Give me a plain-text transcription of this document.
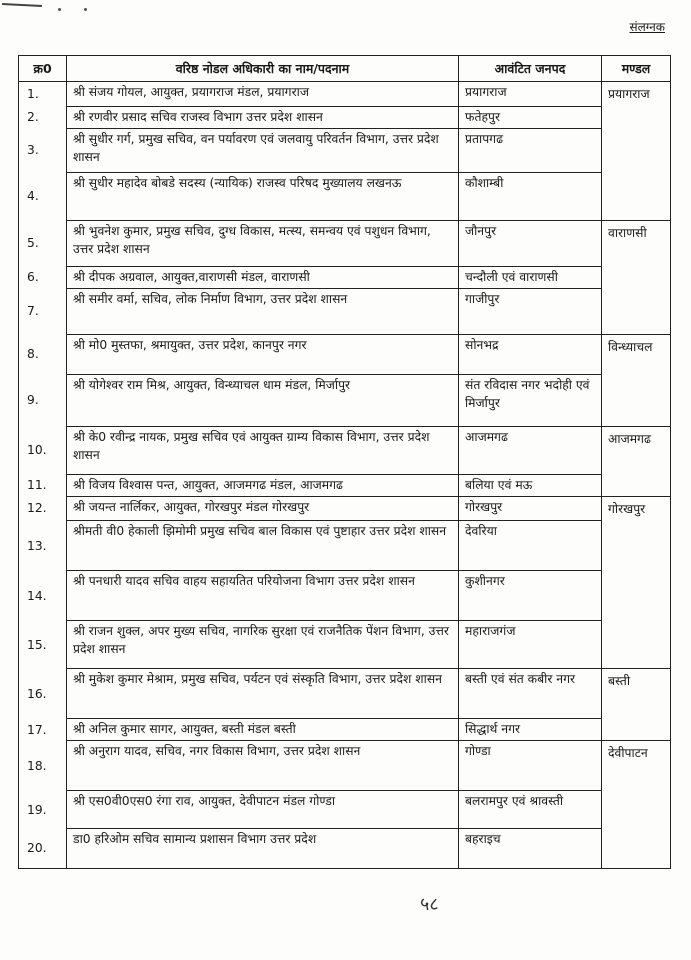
संलग्नक
क्र0	वरिष्ठ नोडल अधिकारी का नाम/पदनाम	आवंटित जनपद	मण्डल
1.	श्री संजय गोयल, आयुक्त, प्रयागराज मंडल, प्रयागराज	प्रयागराज	प्रयागराज
2.	श्री रणवीर प्रसाद सचिव राजस्व विभाग उत्तर प्रदेश शासन	फतेहपुर	
3.	श्री सुधीर गर्ग, प्रमुख सचिव, वन पर्यावरण एवं जलवायु परिवर्तन विभाग, उत्तर प्रदेश शासन	प्रतापगढ	
4.	श्री सुधीर महादेव बोबडे सदस्य (न्यायिक) राजस्व परिषद मुख्यालय लखनऊ	कौशाम्बी	
5.	श्री भुवनेश कुमार, प्रमुख सचिव, दुग्ध विकास, मत्स्य, समन्वय एवं पशुधन विभाग, उत्तर प्रदेश शासन	जौनपुर	वाराणसी
6.	श्री दीपक अग्रवाल, आयुक्त,वाराणसी मंडल, वाराणसी	चन्दौली एवं वाराणसी	
7.	श्री समीर वर्मा, सचिव, लोक निर्माण विभाग, उत्तर प्रदेश शासन	गाजीपुर	
8.	श्री मो0 मुस्तफा, श्रमायुक्त, उत्तर प्रदेश, कानपुर नगर	सोनभद्र	विन्ध्याचल
9.	श्री योगेश्वर राम मिश्र, आयुक्त, विन्ध्याचल धाम मंडल, मिर्जापुर	संत रविदास नगर भदोही एवं मिर्जापुर	
10.	श्री के0 रवीन्द्र नायक, प्रमुख सचिव एवं आयुक्त ग्राम्य विकास विभाग, उत्तर प्रदेश शासन	आजमगढ	आजमगढ
11.	श्री विजय विश्वास पन्त, आयुक्त, आजमगढ मंडल, आजमगढ	बलिया एवं मऊ	
12.	श्री जयन्त नार्लिकर, आयुक्त, गोरखपुर मंडल गोरखपुर	गोरखपुर	गोरखपुर
13.	श्रीमती वी0 हेकाली झिमोमी प्रमुख सचिव बाल विकास एवं पुष्टाहार उत्तर प्रदेश शासन	देवरिया	
14.	श्री पनधारी यादव सचिव वाहय सहायतित परियोजना विभाग उत्तर प्रदेश शासन	कुशीनगर	
15.	श्री राजन शुक्ल, अपर मुख्य सचिव, नागरिक सुरक्षा एवं राजनैतिक पेंशन विभाग, उत्तर प्रदेश शासन	महाराजगंज	
16.	श्री मुकेश कुमार मेश्राम, प्रमुख सचिव, पर्यटन एवं संस्कृति विभाग, उत्तर प्रदेश शासन	बस्ती एवं संत कबीर नगर	बस्ती
17.	श्री अनिल कुमार सागर, आयुक्त, बस्ती मंडल बस्ती	सिद्धार्थ नगर	
18.	श्री अनुराग यादव, सचिव, नगर विकास विभाग, उत्तर प्रदेश शासन	गोण्डा	देवीपाटन
19.	श्री एस0वी0एस0 रंगा राव, आयुक्त, देवीपाटन मंडल गोण्डा	बलरामपुर एवं श्रावस्ती	
20.	डा0 हरिओम सचिव सामान्य प्रशासन विभाग उत्तर प्रदेश	बहराइच	
५८
